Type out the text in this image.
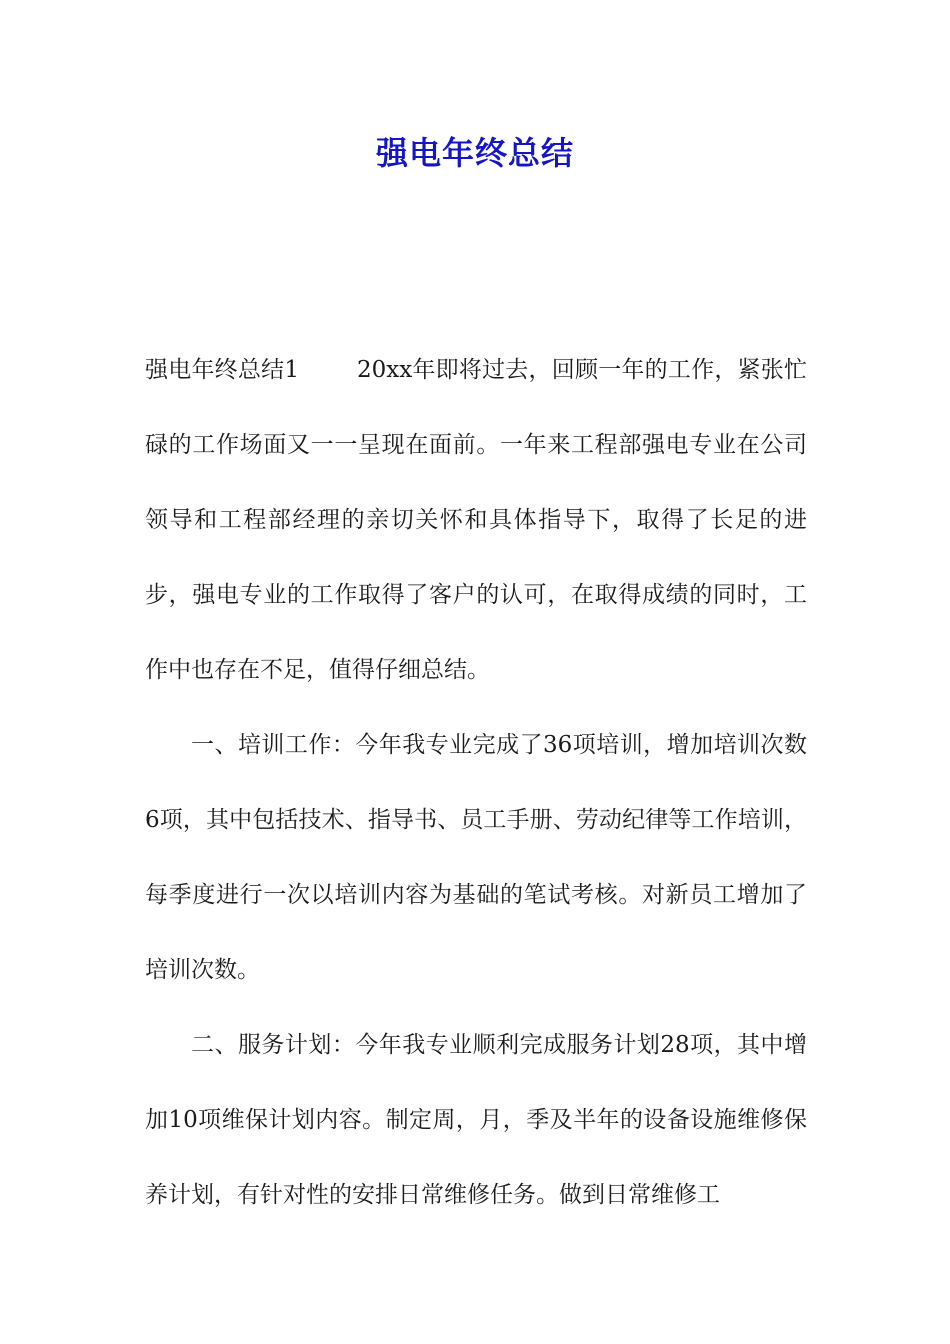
强电年终总结

强电年终总结1	20xx年即将过去，回顾一年的工作，紧张忙碌的工作场面又一一呈现在面前。一年来工程部强电专业在公司领导和工程部经理的亲切关怀和具体指导下，取得了长足的进步，强电专业的工作取得了客户的认可，在取得成绩的同时，工作中也存在不足，值得仔细总结。

一、培训工作：今年我专业完成了36项培训，增加培训次数6项，其中包括技术、指导书、员工手册、劳动纪律等工作培训，每季度进行一次以培训内容为基础的笔试考核。对新员工增加了培训次数。

二、服务计划：今年我专业顺利完成服务计划28项，其中增加10项维保计划内容。制定周，月，季及半年的设备设施维修保养计划，有针对性的安排日常维修任务。做到日常维修工
